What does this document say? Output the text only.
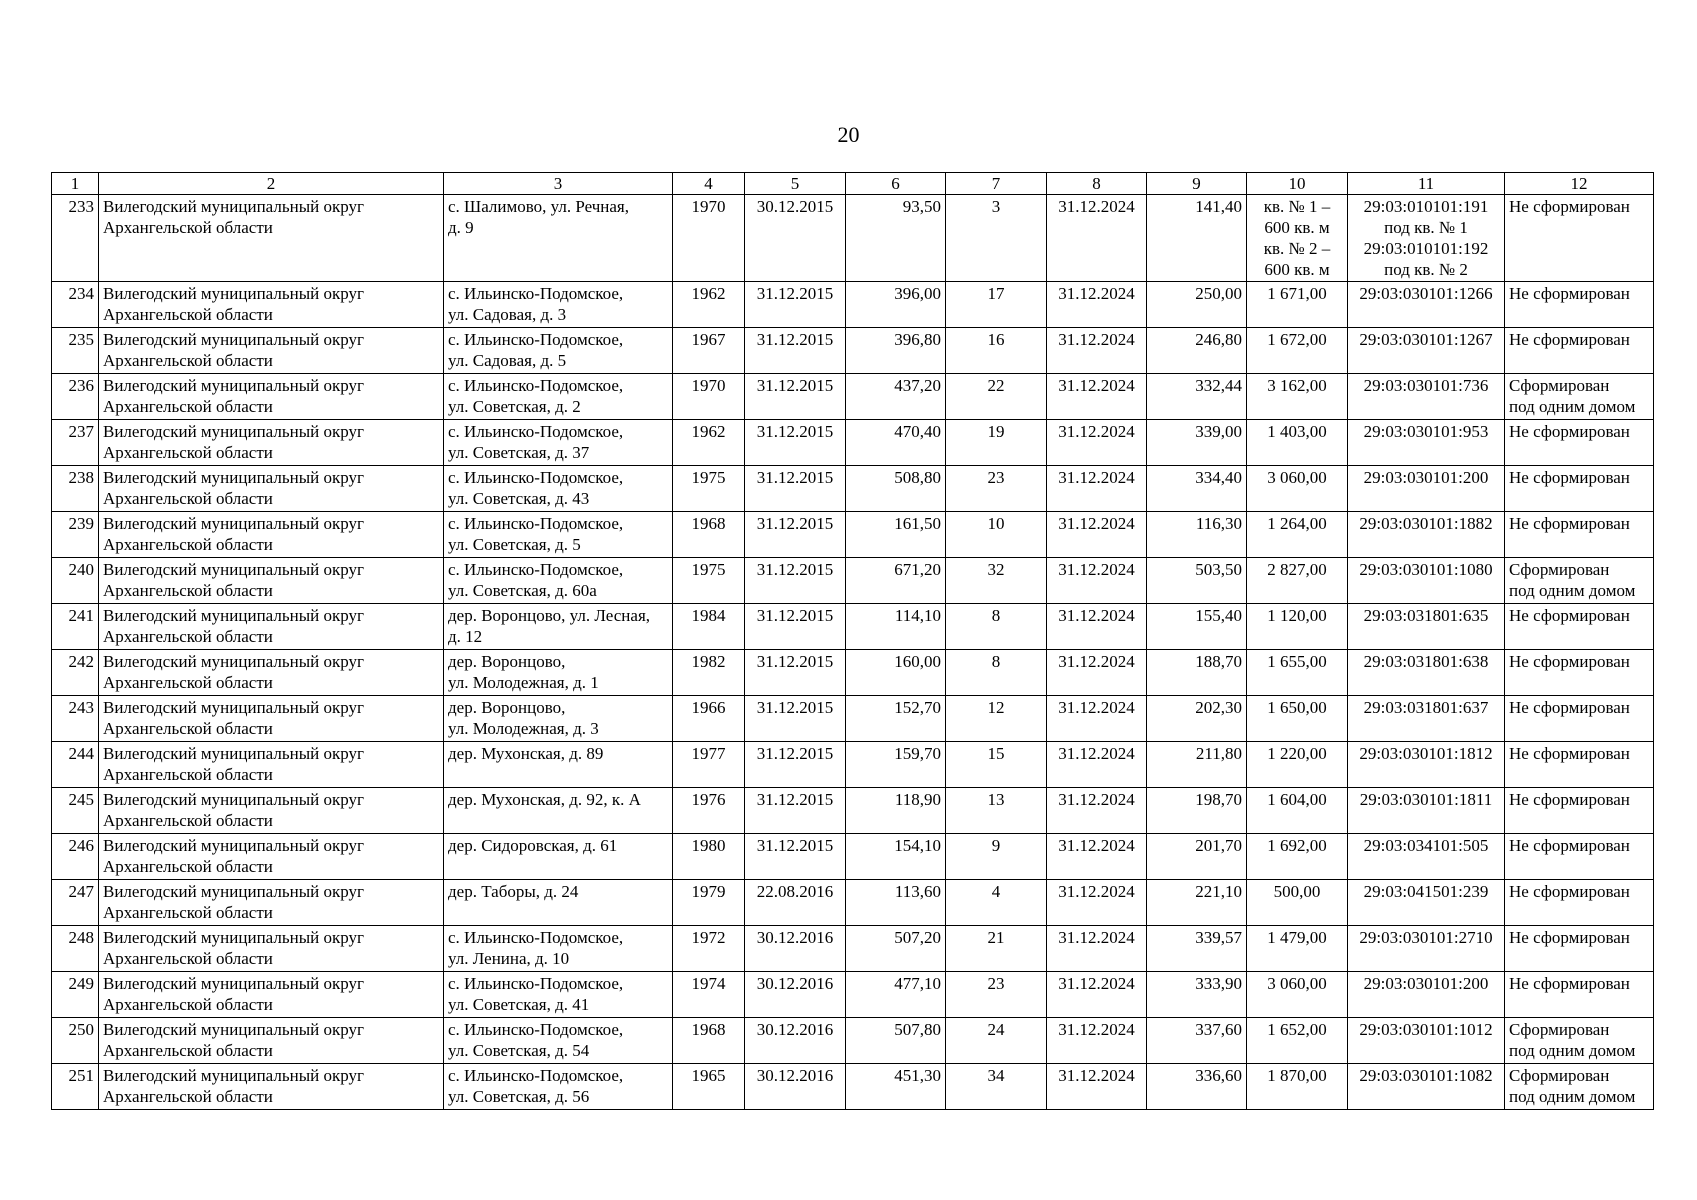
20
1	2	3	4	5	6	7	8	9	10	11	12
233	Вилегодский муниципальный округ
Архангельской области	с. Шалимово, ул. Речная,
д. 9	1970	30.12.2015	93,50	3	31.12.2024	141,40	кв. № 1 –
600 кв. м
кв. № 2 –
600 кв. м	29:03:010101:191
под кв. № 1
29:03:010101:192
под кв. № 2	Не сформирован

234	Вилегодский муниципальный округ
Архангельской области	с. Ильинско-Подомское,
ул. Садовая, д. 3	1962	31.12.2015	396,00	17	31.12.2024	250,00	1 671,00	29:03:030101:1266	Не сформирован

235	Вилегодский муниципальный округ
Архангельской области	с. Ильинско-Подомское,
ул. Садовая, д. 5	1967	31.12.2015	396,80	16	31.12.2024	246,80	1 672,00	29:03:030101:1267	Не сформирован

236	Вилегодский муниципальный округ
Архангельской области	с. Ильинско-Подомское,
ул. Советская, д. 2	1970	31.12.2015	437,20	22	31.12.2024	332,44	3 162,00	29:03:030101:736	Сформирован
под одним домом

237	Вилегодский муниципальный округ
Архангельской области	с. Ильинско-Подомское,
ул. Советская, д. 37	1962	31.12.2015	470,40	19	31.12.2024	339,00	1 403,00	29:03:030101:953	Не сформирован

238	Вилегодский муниципальный округ
Архангельской области	с. Ильинско-Подомское,
ул. Советская, д. 43	1975	31.12.2015	508,80	23	31.12.2024	334,40	3 060,00	29:03:030101:200	Не сформирован

239	Вилегодский муниципальный округ
Архангельской области	с. Ильинско-Подомское,
ул. Советская, д. 5	1968	31.12.2015	161,50	10	31.12.2024	116,30	1 264,00	29:03:030101:1882	Не сформирован

240	Вилегодский муниципальный округ
Архангельской области	с. Ильинско-Подомское,
ул. Советская, д. 60а	1975	31.12.2015	671,20	32	31.12.2024	503,50	2 827,00	29:03:030101:1080	Сформирован
под одним домом

241	Вилегодский муниципальный округ
Архангельской области	дер. Воронцово, ул. Лесная,
д. 12	1984	31.12.2015	114,10	8	31.12.2024	155,40	1 120,00	29:03:031801:635	Не сформирован

242	Вилегодский муниципальный округ
Архангельской области	дер. Воронцово,
ул. Молодежная, д. 1	1982	31.12.2015	160,00	8	31.12.2024	188,70	1 655,00	29:03:031801:638	Не сформирован

243	Вилегодский муниципальный округ
Архангельской области	дер. Воронцово,
ул. Молодежная, д. 3	1966	31.12.2015	152,70	12	31.12.2024	202,30	1 650,00	29:03:031801:637	Не сформирован

244	Вилегодский муниципальный округ
Архангельской области	дер. Мухонская, д. 89	1977	31.12.2015	159,70	15	31.12.2024	211,80	1 220,00	29:03:030101:1812	Не сформирован

245	Вилегодский муниципальный округ
Архангельской области	дер. Мухонская, д. 92, к. А	1976	31.12.2015	118,90	13	31.12.2024	198,70	1 604,00	29:03:030101:1811	Не сформирован

246	Вилегодский муниципальный округ
Архангельской области	дер. Сидоровская, д. 61	1980	31.12.2015	154,10	9	31.12.2024	201,70	1 692,00	29:03:034101:505	Не сформирован

247	Вилегодский муниципальный округ
Архангельской области	дер. Таборы, д. 24	1979	22.08.2016	113,60	4	31.12.2024	221,10	500,00	29:03:041501:239	Не сформирован

248	Вилегодский муниципальный округ
Архангельской области	с. Ильинско-Подомское,
ул. Ленина, д. 10	1972	30.12.2016	507,20	21	31.12.2024	339,57	1 479,00	29:03:030101:2710	Не сформирован

249	Вилегодский муниципальный округ
Архангельской области	с. Ильинско-Подомское,
ул. Советская, д. 41	1974	30.12.2016	477,10	23	31.12.2024	333,90	3 060,00	29:03:030101:200	Не сформирован

250	Вилегодский муниципальный округ
Архангельской области	с. Ильинско-Подомское,
ул. Советская, д. 54	1968	30.12.2016	507,80	24	31.12.2024	337,60	1 652,00	29:03:030101:1012	Сформирован
под одним домом

251	Вилегодский муниципальный округ
Архангельской области	с. Ильинско-Подомское,
ул. Советская, д. 56	1965	30.12.2016	451,30	34	31.12.2024	336,60	1 870,00	29:03:030101:1082	Сформирован
под одним домом
